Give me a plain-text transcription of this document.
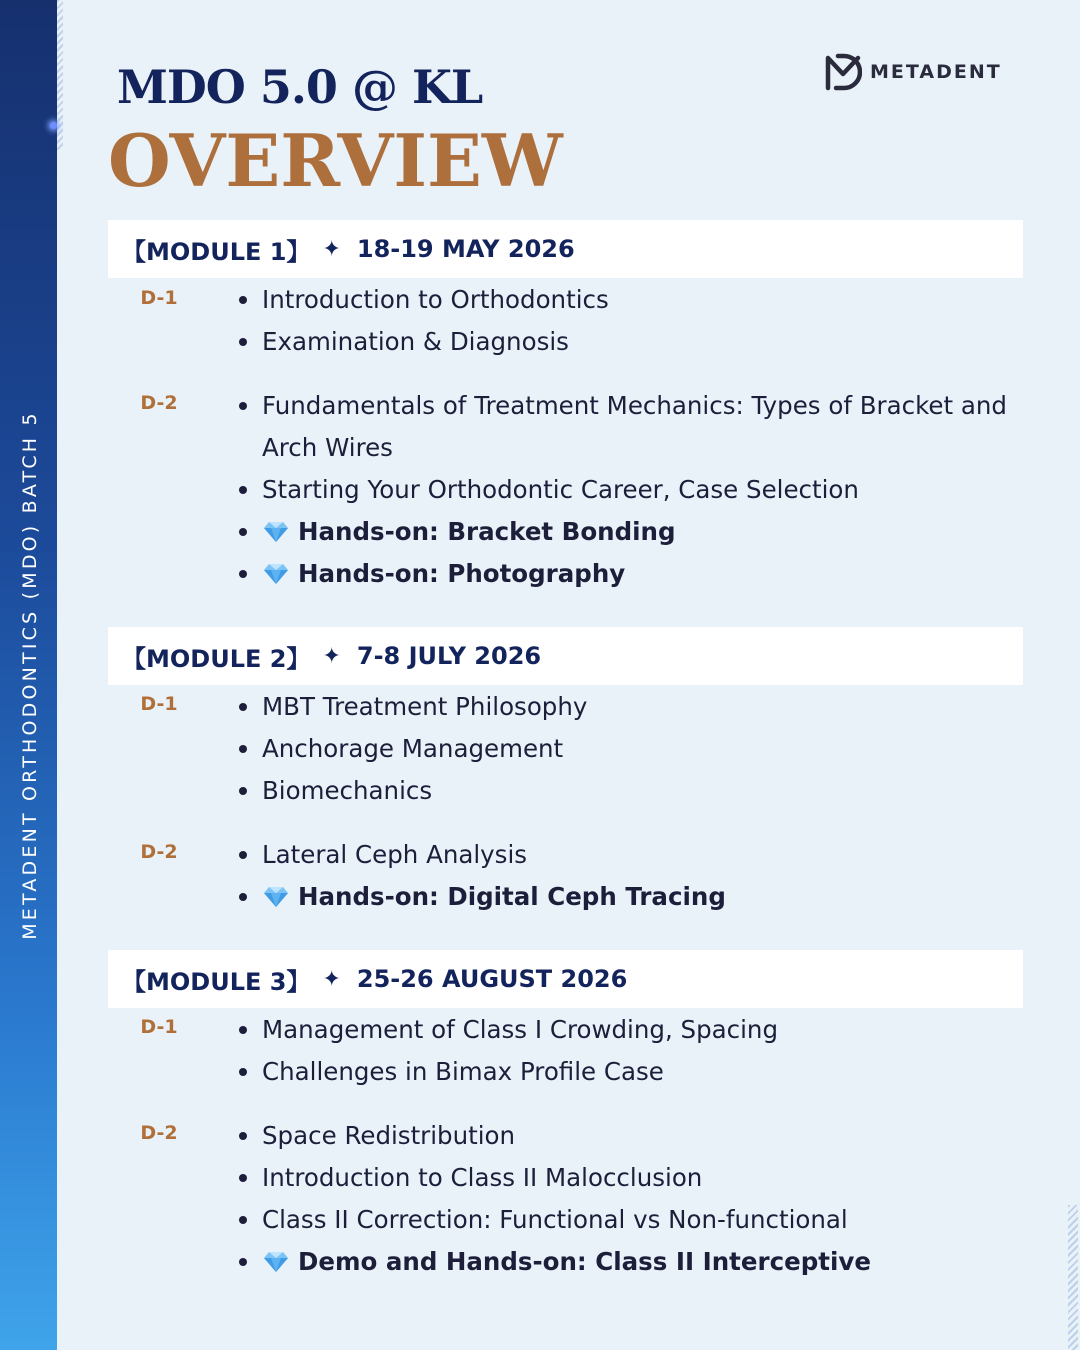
METADENT ORTHODONTICS (MDO) BATCH 5
METADENT
MDO 5.0 @ KL
OVERVIEW
【MODULE 1】 ✦ 18-19 MAY 2026
D-1	Introduction to Orthodontics
Examination & Diagnosis
D-2	Fundamentals of Treatment Mechanics: Types of Bracket and Arch Wires
Starting Your Orthodontic Career, Case Selection
Hands-on: Bracket Bonding
Hands-on: Photography
【MODULE 2】 ✦ 7-8 JULY 2026
D-1	MBT Treatment Philosophy
Anchorage Management
Biomechanics
D-2	Lateral Ceph Analysis
Hands-on: Digital Ceph Tracing
【MODULE 3】 ✦ 25-26 AUGUST 2026
D-1	Management of Class I Crowding, Spacing
Challenges in Bimax Profile Case
D-2	Space Redistribution
Introduction to Class II Malocclusion
Class II Correction: Functional vs Non-functional
Demo and Hands-on: Class II Interceptive
